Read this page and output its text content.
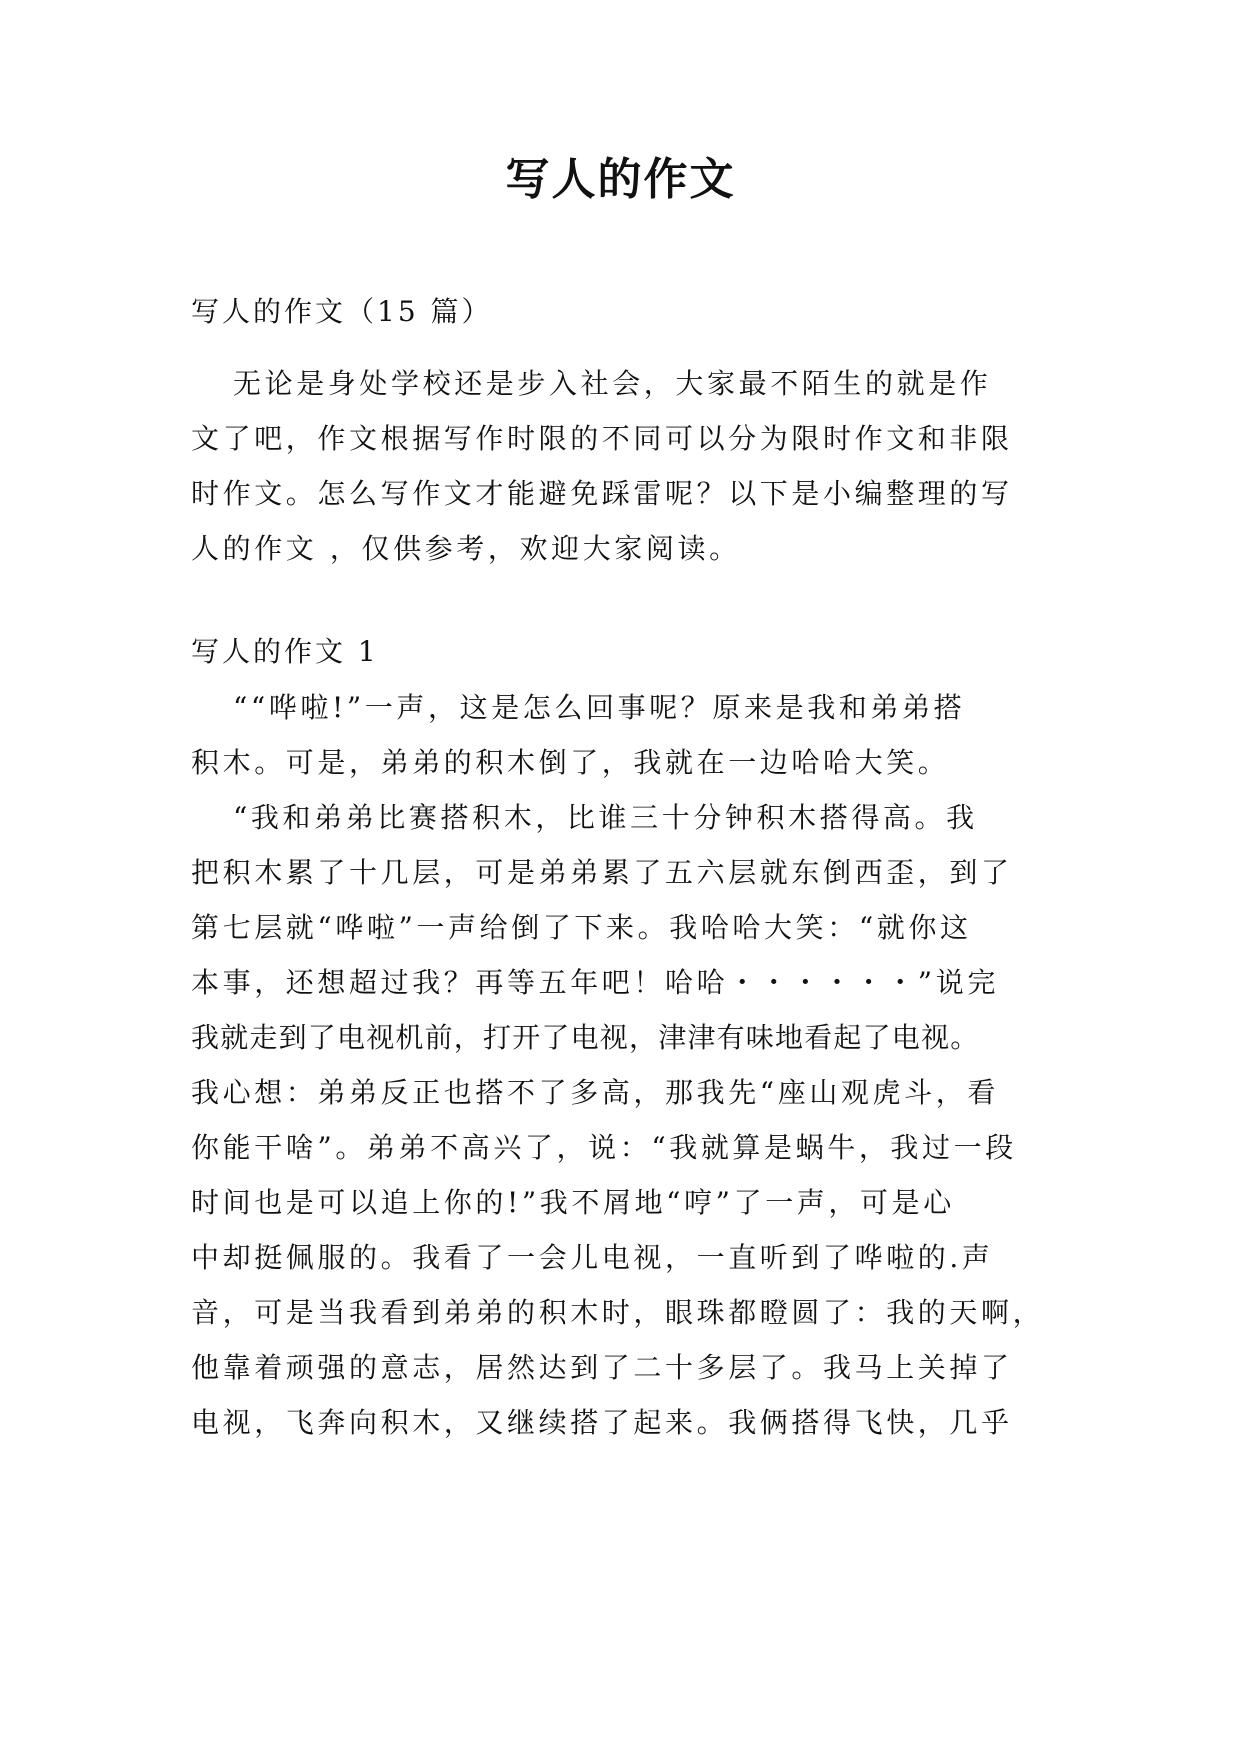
写人的作文
写人的作文（15 篇）
无论是身处学校还是步入社会，大家最不陌生的就是作
文了吧，作文根据写作时限的不同可以分为限时作文和非限
时作文。怎么写作文才能避免踩雷呢？以下是小编整理的写
人的作文 ，仅供参考，欢迎大家阅读。
写人的作文 1
““哗啦!”一声，这是怎么回事呢？原来是我和弟弟搭
积木。可是，弟弟的积木倒了，我就在一边哈哈大笑。
“我和弟弟比赛搭积木，比谁三十分钟积木搭得高。我
把积木累了十几层，可是弟弟累了五六层就东倒西歪，到了
第七层就“哗啦”一声给倒了下来。我哈哈大笑：“就你这
本事，还想超过我？再等五年吧！哈哈・・・・・・”说完
我就走到了电视机前，打开了电视，津津有味地看起了电视。
我心想：弟弟反正也搭不了多高，那我先“座山观虎斗，看
你能干啥”。弟弟不高兴了，说：“我就算是蜗牛，我过一段
时间也是可以追上你的!”我不屑地“哼”了一声，可是心
中却挺佩服的。我看了一会儿电视，一直听到了哗啦的.声
音，可是当我看到弟弟的积木时，眼珠都瞪圆了：我的天啊，
他靠着顽强的意志，居然达到了二十多层了。我马上关掉了
电视，飞奔向积木，又继续搭了起来。我俩搭得飞快，几乎
